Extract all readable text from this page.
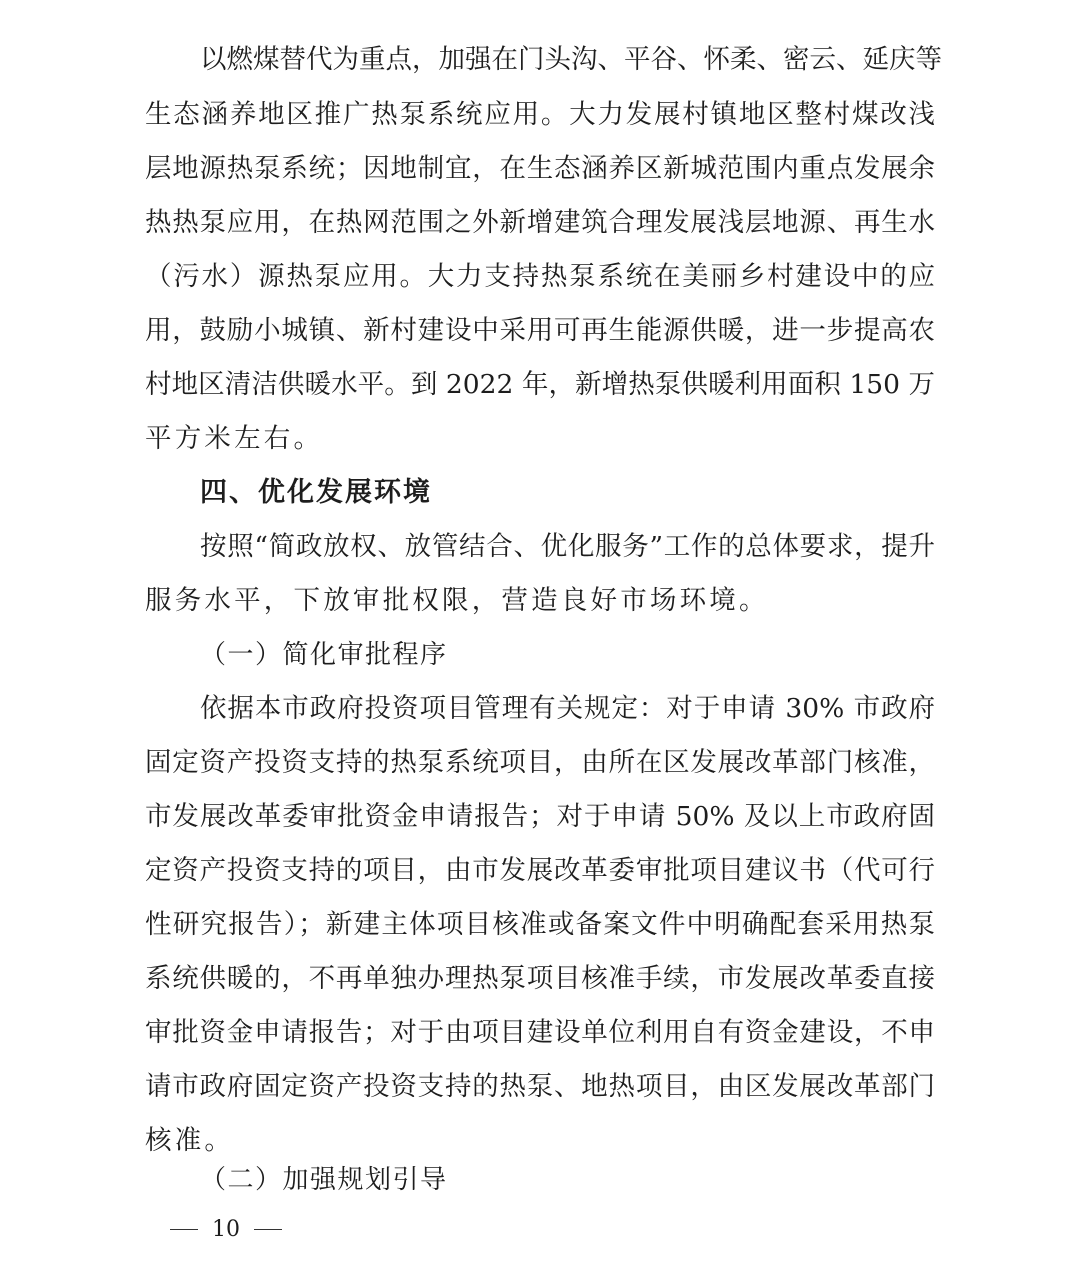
以燃煤替代为重点，加强在门头沟、平谷、怀柔、密云、延庆等
生态涵养地区推广热泵系统应用。大力发展村镇地区整村煤改浅
层地源热泵系统；因地制宜，在生态涵养区新城范围内重点发展余
热热泵应用，在热网范围之外新增建筑合理发展浅层地源、再生水
（污水）源热泵应用。大力支持热泵系统在美丽乡村建设中的应
用，鼓励小城镇、新村建设中采用可再生能源供暖，进一步提高农
村地区清洁供暖水平。到 2022 年，新增热泵供暖利用面积 150 万
平方米左右。
四、优化发展环境
按照“简政放权、放管结合、优化服务”工作的总体要求，提升
服务水平，下放审批权限，营造良好市场环境。
（一）简化审批程序
依据本市政府投资项目管理有关规定：对于申请 30% 市政府
固定资产投资支持的热泵系统项目，由所在区发展改革部门核准，
市发展改革委审批资金申请报告；对于申请 50% 及以上市政府固
定资产投资支持的项目，由市发展改革委审批项目建议书（代可行
性研究报告）；新建主体项目核准或备案文件中明确配套采用热泵
系统供暖的，不再单独办理热泵项目核准手续，市发展改革委直接
审批资金申请报告；对于由项目建设单位利用自有资金建设，不申
请市政府固定资产投资支持的热泵、地热项目，由区发展改革部门
核准。
（二）加强规划引导
10
